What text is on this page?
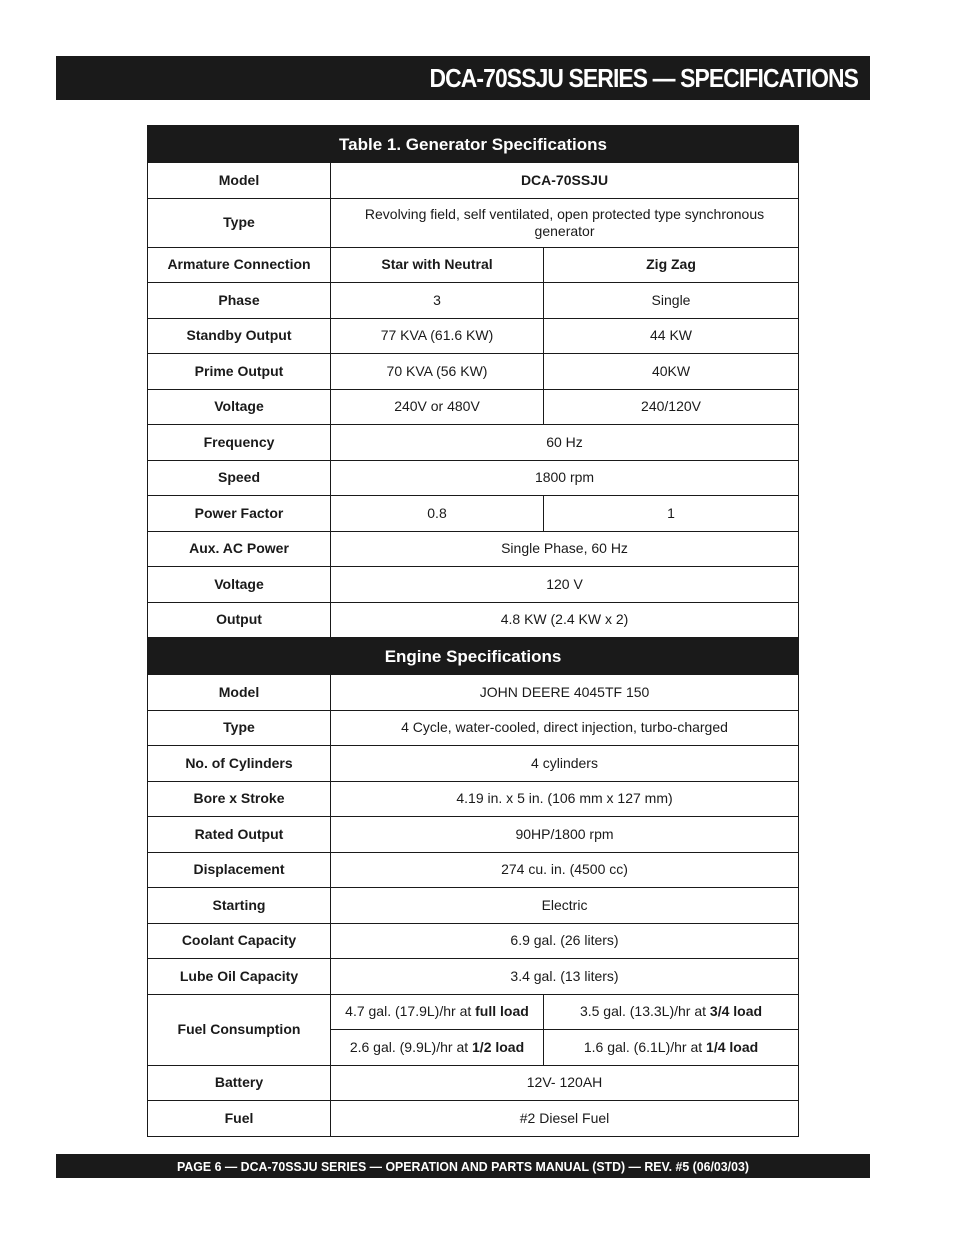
DCA-70SSJU SERIES — SPECIFICATIONS
Table 1. Generator Specifications		
Model	DCA-70SSJU	
Type	Revolving field, self ventilated, open protected type synchronous generator	
Armature Connection	Star with Neutral	Zig Zag
Phase	3	Single
Standby Output	77 KVA (61.6 KW)	44 KW
Prime Output	70 KVA (56 KW)	40KW
Voltage	240V or 480V	240/120V
Frequency	60 Hz	
Speed	1800 rpm	
Power Factor	0.8	1
Aux. AC Power	Single Phase, 60 Hz	
Voltage	120 V	
Output	4.8 KW (2.4 KW x 2)	
Engine Specifications		
Model	JOHN DEERE 4045TF 150	
Type	4 Cycle, water-cooled, direct injection, turbo-charged	
No. of Cylinders	4 cylinders	
Bore x Stroke	4.19 in. x 5 in. (106 mm x 127 mm)	
Rated Output	90HP/1800 rpm	
Displacement	274 cu. in. (4500 cc)	
Starting	Electric	
Coolant Capacity	6.9 gal. (26 liters)	
Lube Oil Capacity	3.4 gal. (13 liters)	
Fuel Consumption	4.7 gal. (17.9L)/hr at full load	3.5 gal. (13.3L)/hr at 3/4 load
	2.6 gal. (9.9L)/hr at 1/2 load	1.6 gal. (6.1L)/hr at 1/4 load
Battery	12V- 120AH	
Fuel	#2 Diesel Fuel	
PAGE 6 — DCA-70SSJU SERIES — OPERATION AND PARTS MANUAL (STD) — REV. #5 (06/03/03)
